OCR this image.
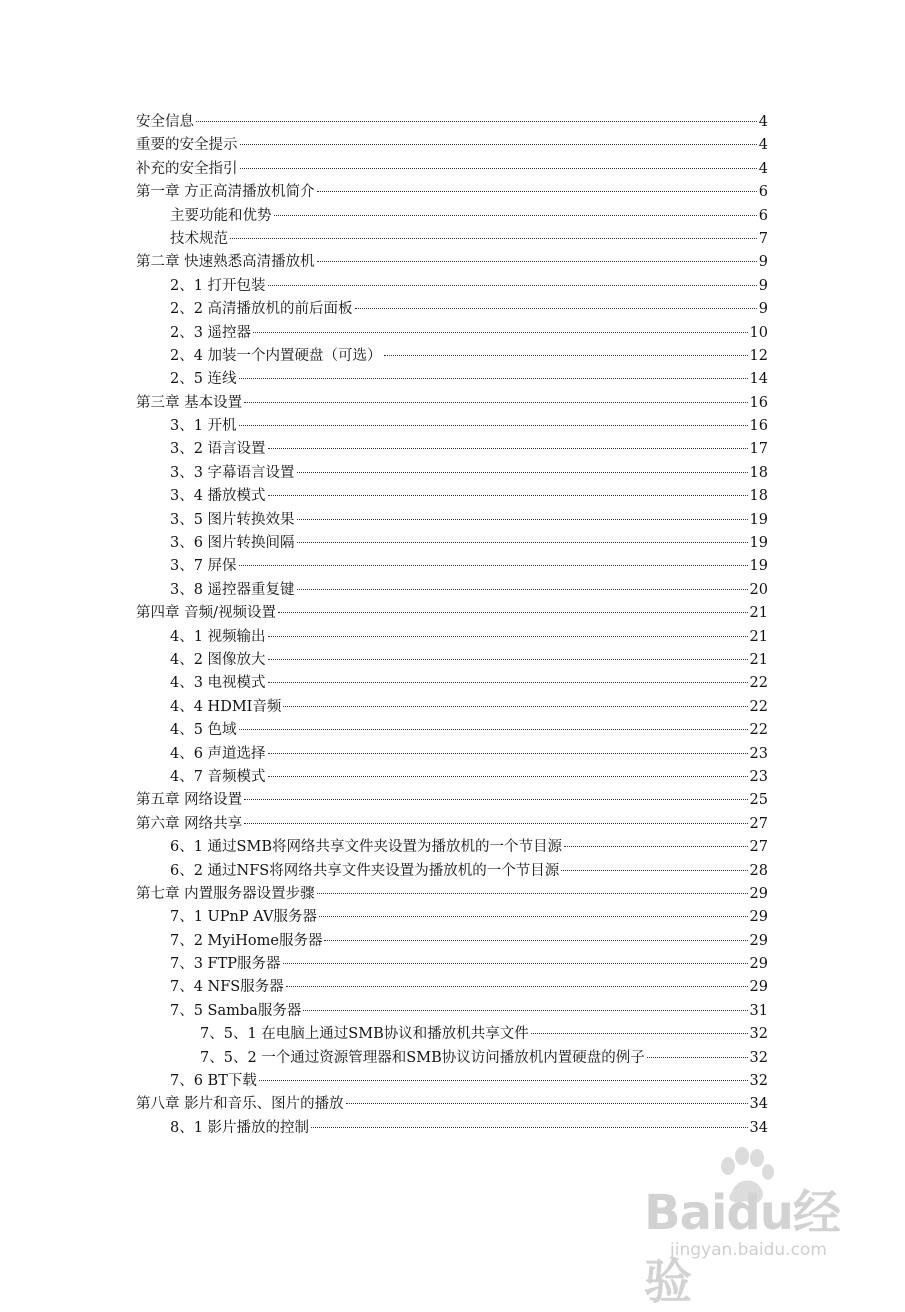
安全信息	4
重要的安全提示	4
补充的安全指引	4
第一章 方正高清播放机简介	6
主要功能和优势	6
技术规范	7
第二章 快速熟悉高清播放机	9
2、1 打开包装	9
2、2 高清播放机的前后面板	9
2、3 遥控器	10
2、4 加装一个内置硬盘（可选）	12
2、5 连线	14
第三章 基本设置	16
3、1 开机	16
3、2 语言设置	17
3、3 字幕语言设置	18
3、4 播放模式	18
3、5 图片转换效果	19
3、6 图片转换间隔	19
3、7 屏保	19
3、8 遥控器重复键	20
第四章 音频/视频设置	21
4、1 视频输出	21
4、2 图像放大	21
4、3 电视模式	22
4、4 HDMI音频	22
4、5 色域	22
4、6 声道选择	23
4、7 音频模式	23
第五章 网络设置	25
第六章 网络共享	27
6、1 通过SMB将网络共享文件夹设置为播放机的一个节目源	27
6、2 通过NFS将网络共享文件夹设置为播放机的一个节目源	28
第七章 内置服务器设置步骤	29
7、1 UPnP AV服务器	29
7、2 MyiHome服务器	29
7、3 FTP服务器	29
7、4 NFS服务器	29
7、5 Samba服务器	31
7、5、1 在电脑上通过SMB协议和播放机共享文件	32
7、5、2 一个通过资源管理器和SMB协议访问播放机内置硬盘的例子	32
7、6 BT下载	32
第八章 影片和音乐、图片的播放	34
8、1 影片播放的控制	34
Baidu经验
jingyan.baidu.com
